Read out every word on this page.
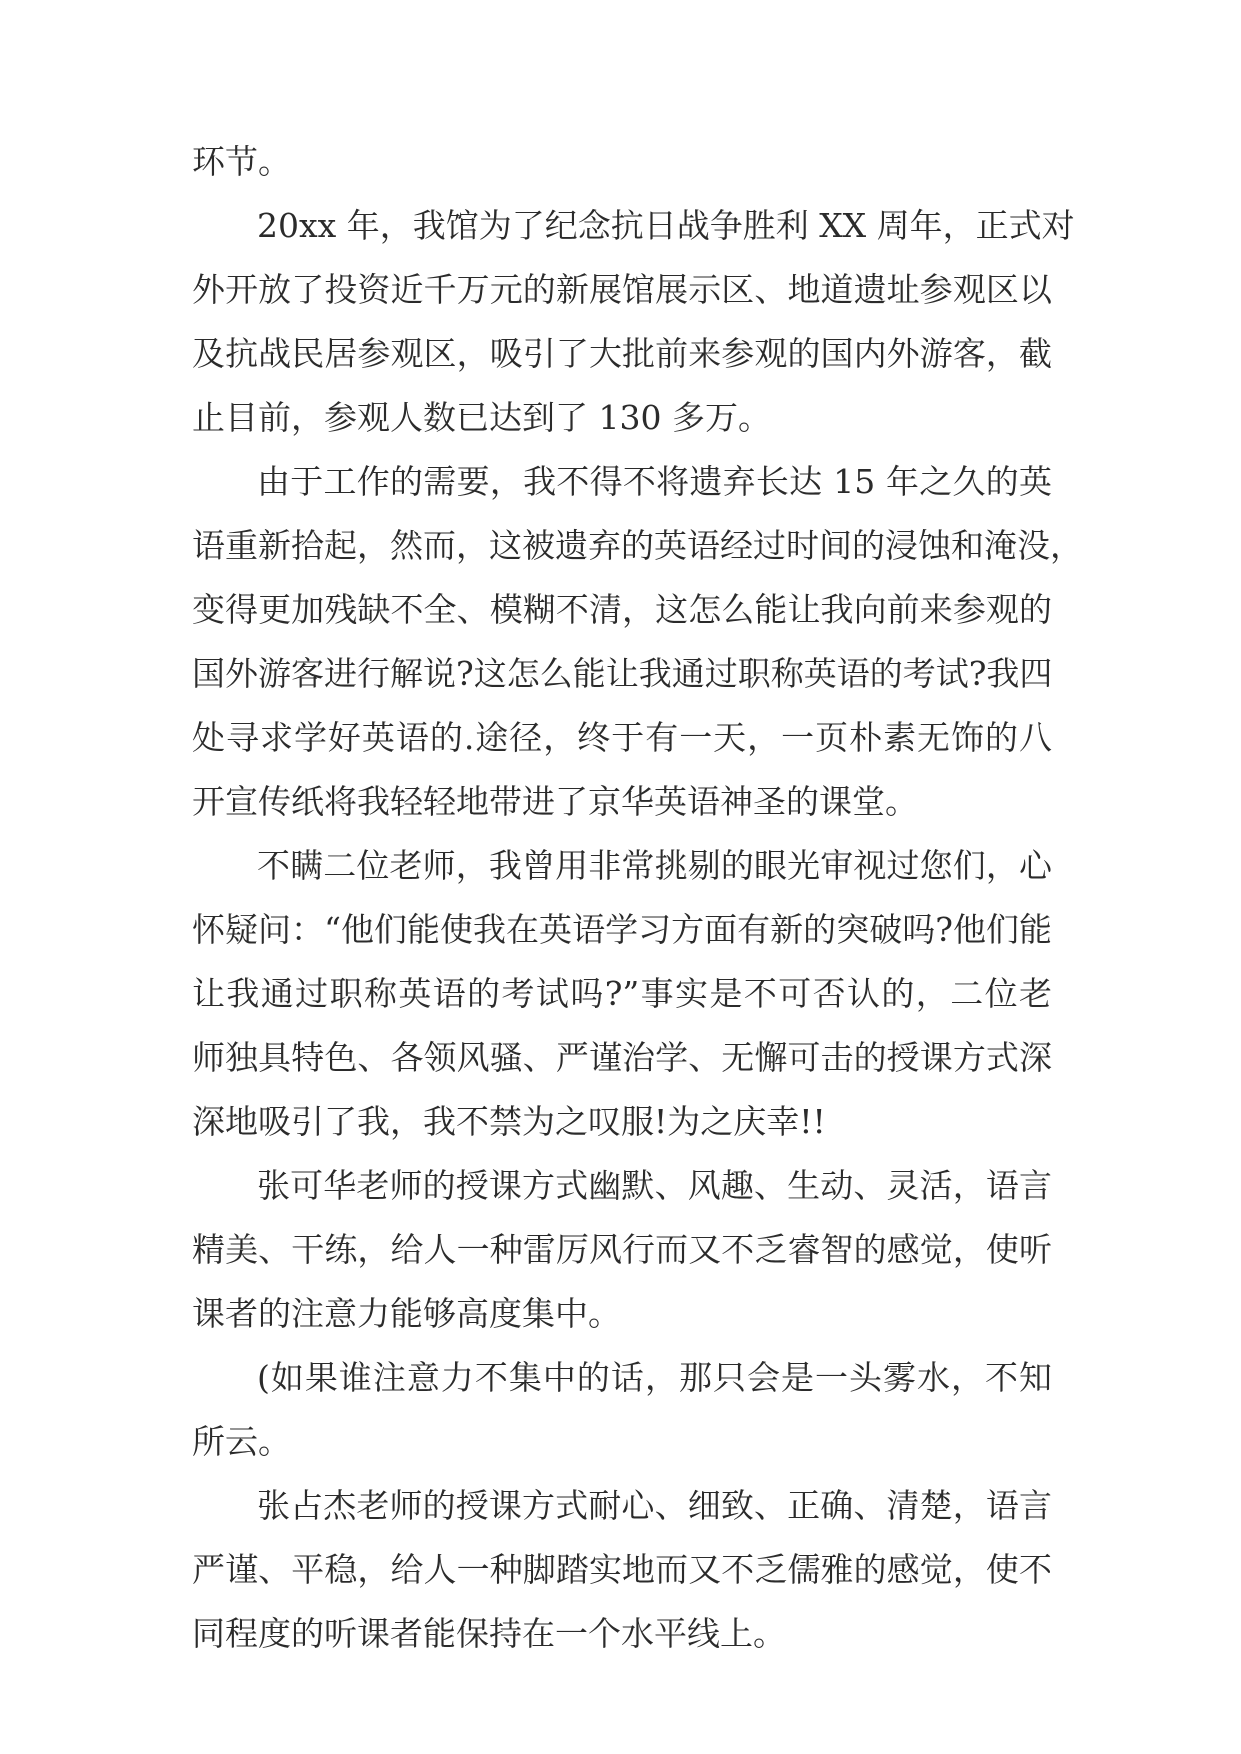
环节。
20xx 年，我馆为了纪念抗日战争胜利 XX 周年，正式对
外开放了投资近千万元的新展馆展示区、地道遗址参观区以
及抗战民居参观区，吸引了大批前来参观的国内外游客，截
止目前，参观人数已达到了 130 多万。
由于工作的需要，我不得不将遗弃长达 15 年之久的英
语重新拾起，然而，这被遗弃的英语经过时间的浸蚀和淹没，
变得更加残缺不全、模糊不清，这怎么能让我向前来参观的
国外游客进行解说?这怎么能让我通过职称英语的考试?我四
处寻求学好英语的.途径，终于有一天，一页朴素无饰的八
开宣传纸将我轻轻地带进了京华英语神圣的课堂。
不瞒二位老师，我曾用非常挑剔的眼光审视过您们，心
怀疑问：“他们能使我在英语学习方面有新的突破吗?他们能
让我通过职称英语的考试吗?”事实是不可否认的，二位老
师独具特色、各领风骚、严谨治学、无懈可击的授课方式深
深地吸引了我，我不禁为之叹服!为之庆幸!!
张可华老师的授课方式幽默、风趣、生动、灵活，语言
精美、干练，给人一种雷厉风行而又不乏睿智的感觉，使听
课者的注意力能够高度集中。
(如果谁注意力不集中的话，那只会是一头雾水，不知
所云。
张占杰老师的授课方式耐心、细致、正确、清楚，语言
严谨、平稳，给人一种脚踏实地而又不乏儒雅的感觉，使不
同程度的听课者能保持在一个水平线上。
